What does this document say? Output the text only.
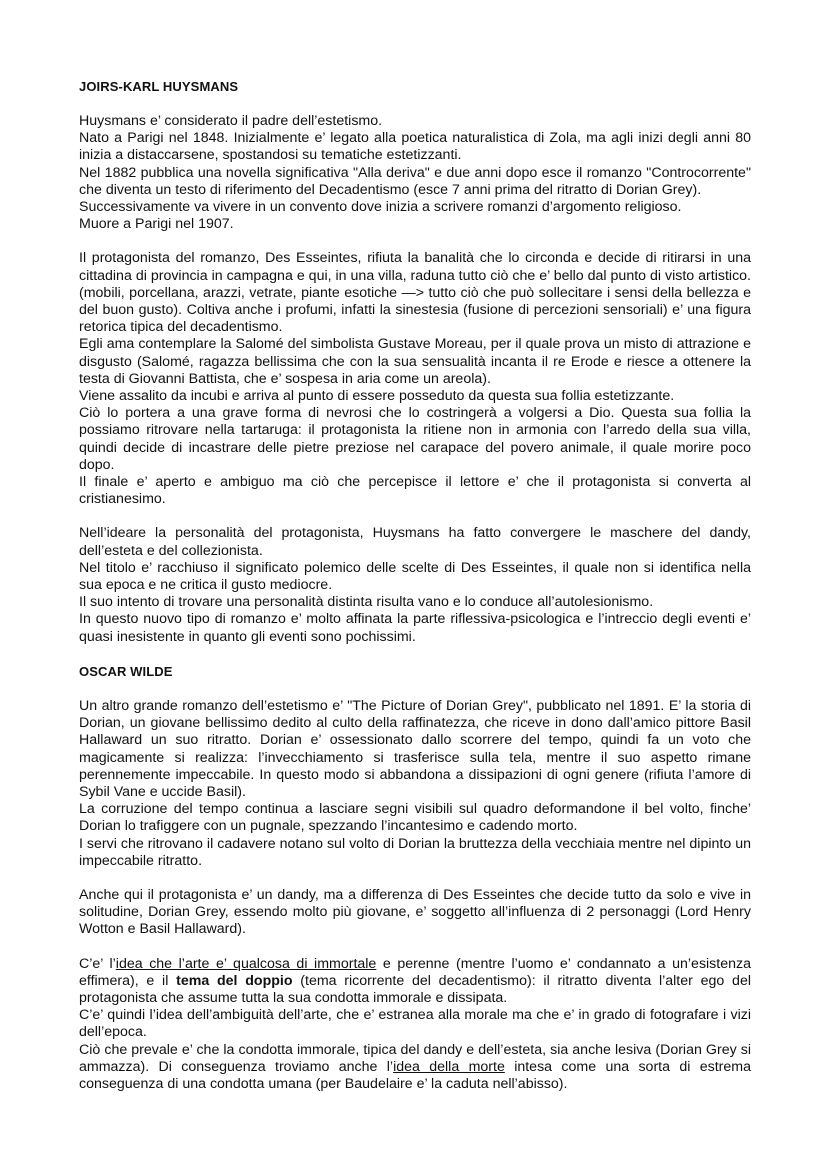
JOIRS-KARL HUYSMANS

Huysmans e’ considerato il padre dell’estetismo.

Nato a Parigi nel 1848. Inizialmente e’ legato alla poetica naturalistica di Zola, ma agli inizi degli anni 80 inizia a distaccarsene, spostandosi su tematiche estetizzanti.

Nel 1882 pubblica una novella significativa "Alla deriva" e due anni dopo esce il romanzo "Controcorrente" che diventa un testo di riferimento del Decadentismo (esce 7 anni prima del ritratto di Dorian Grey).

Successivamente va vivere in un convento dove inizia a scrivere romanzi d’argomento religioso.

Muore a Parigi nel 1907.

Il protagonista del romanzo, Des Esseintes, rifiuta la banalità che lo circonda e decide di ritirarsi in una cittadina di provincia in campagna e qui, in una villa, raduna tutto ciò che e’ bello dal punto di visto artistico. (mobili, porcellana, arazzi, vetrate, piante esotiche —> tutto ciò che può sollecitare i sensi della bellezza e del buon gusto). Coltiva anche i profumi, infatti la sinestesia (fusione di percezioni sensoriali) e’ una figura retorica tipica del decadentismo.

Egli ama contemplare la Salomé del simbolista Gustave Moreau, per il quale prova un misto di attrazione e disgusto (Salomé, ragazza bellissima che con la sua sensualità incanta il re Erode e riesce a ottenere la testa di Giovanni Battista, che e’ sospesa in aria come un areola).

Viene assalito da incubi e arriva al punto di essere posseduto da questa sua follia estetizzante.

Ciò lo portera a una grave forma di nevrosi che lo costringerà a volgersi a Dio. Questa sua follia la possiamo ritrovare nella tartaruga: il protagonista la ritiene non in armonia con l’arredo della sua villa, quindi decide di incastrare delle pietre preziose nel carapace del povero animale, il quale morire poco dopo.

Il finale e’ aperto e ambiguo ma ciò che percepisce il lettore e’ che il protagonista si converta al cristianesimo.

Nell’ideare la personalità del protagonista, Huysmans ha fatto convergere le maschere del dandy, dell’esteta e del collezionista.

Nel titolo e’ racchiuso il significato polemico delle scelte di Des Esseintes, il quale non si identifica nella sua epoca e ne critica il gusto mediocre.

Il suo intento di trovare una personalità distinta risulta vano e lo conduce all’autolesionismo.

In questo nuovo tipo di romanzo e’ molto affinata la parte riflessiva-psicologica e l’intreccio degli eventi e’ quasi inesistente in quanto gli eventi sono pochissimi.

OSCAR WILDE

Un altro grande romanzo dell’estetismo e’ "The Picture of Dorian Grey", pubblicato nel 1891. E’ la storia di Dorian, un giovane bellissimo dedito al culto della raffinatezza, che riceve in dono dall’amico pittore Basil Hallaward un suo ritratto. Dorian e’ ossessionato dallo scorrere del tempo, quindi fa un voto che magicamente si realizza: l’invecchiamento si trasferisce sulla tela, mentre il suo aspetto rimane perennemente impeccabile. In questo modo si abbandona a dissipazioni di ogni genere (rifiuta l’amore di Sybil Vane e uccide Basil).

La corruzione del tempo continua a lasciare segni visibili sul quadro deformandone il bel volto, finche’ Dorian lo trafiggere con un pugnale, spezzando l’incantesimo e cadendo morto.

I servi che ritrovano il cadavere notano sul volto di Dorian la bruttezza della vecchiaia mentre nel dipinto un impeccabile ritratto.

Anche qui il protagonista e’ un dandy, ma a differenza di Des Esseintes che decide tutto da solo e vive in solitudine, Dorian Grey, essendo molto più giovane, e’ soggetto all’influenza di 2 personaggi (Lord Henry Wotton e Basil Hallaward).

C’e’ l’idea che l’arte e’ qualcosa di immortale e perenne (mentre l’uomo e’ condannato a un’esistenza effimera), e il tema del doppio (tema ricorrente del decadentismo): il ritratto diventa l’alter ego del protagonista che assume tutta la sua condotta immorale e dissipata.

C’e’ quindi l’idea dell’ambiguità dell’arte, che e’ estranea alla morale ma che e’ in grado di fotografare i vizi dell’epoca.

Ciò che prevale e’ che la condotta immorale, tipica del dandy e dell’esteta, sia anche lesiva (Dorian Grey si ammazza). Di conseguenza troviamo anche l’idea della morte intesa come una sorta di estrema conseguenza di una condotta umana (per Baudelaire e’ la caduta nell’abisso).
